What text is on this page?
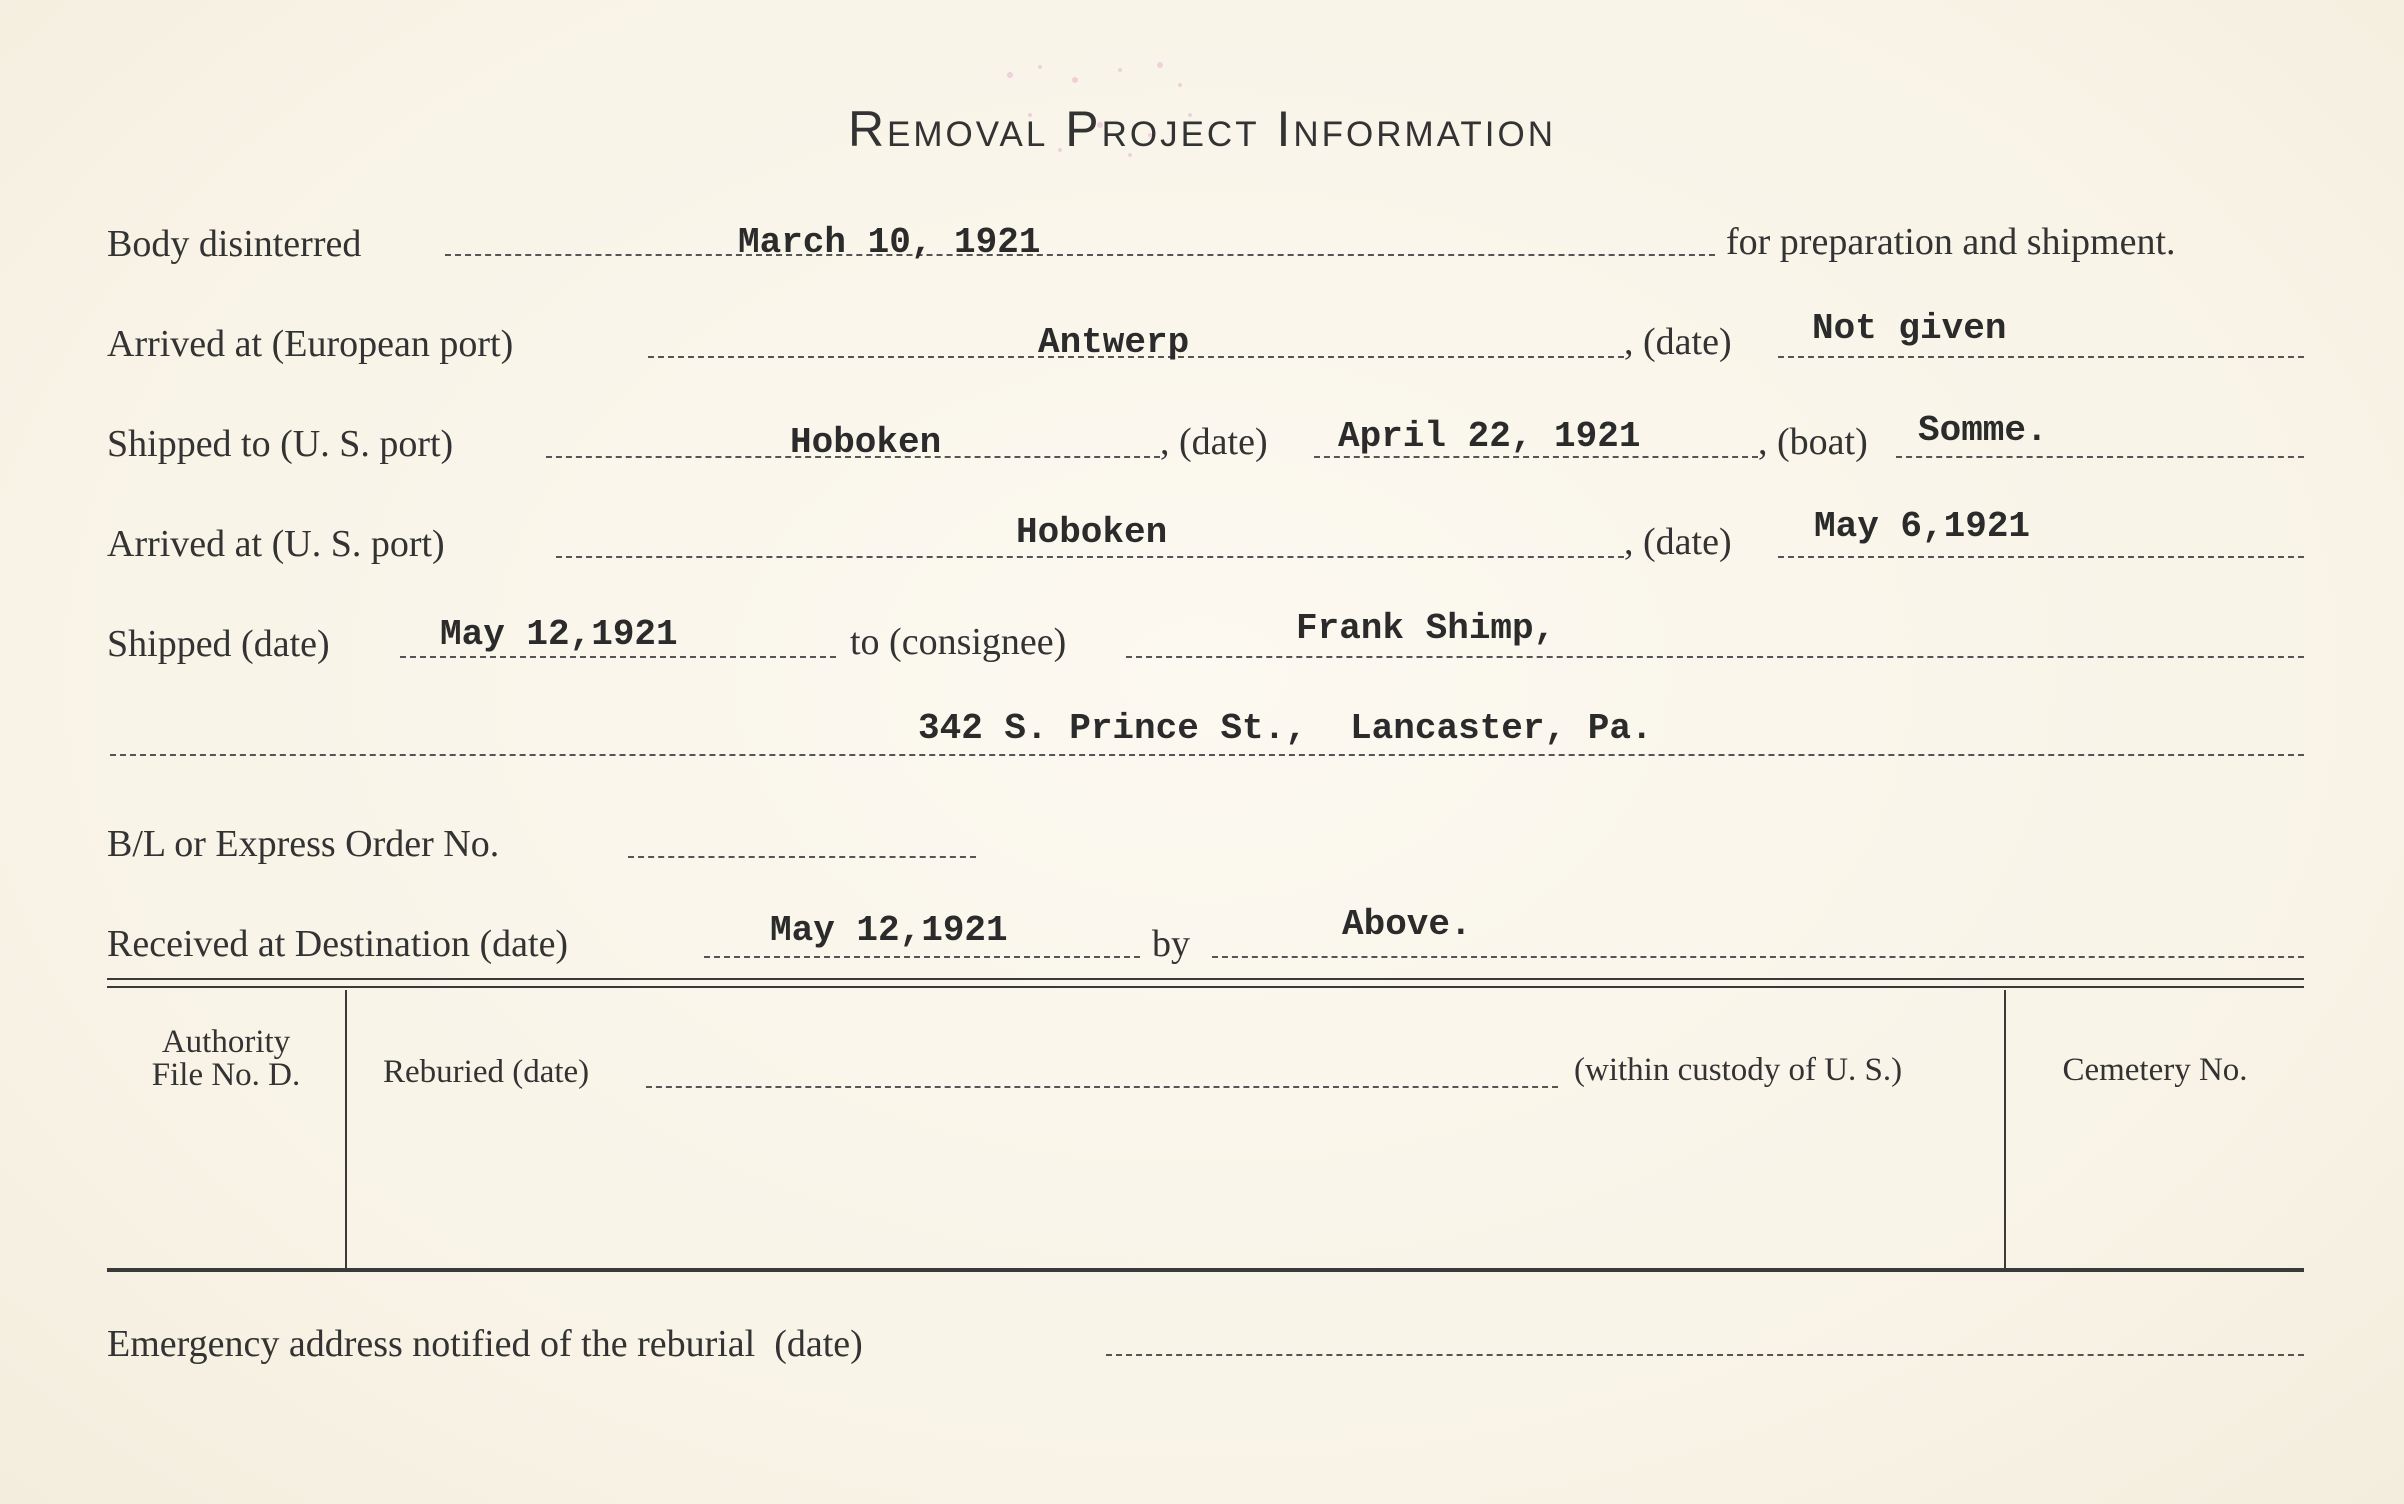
Removal Project Information
Body disinterred	March 10, 1921	for preparation and shipment.
Arrived at (European port)	Antwerp	, (date) Not given
Shipped to (U. S. port)	Hoboken	, (date) April 22, 1921	, (boat) Somme.
Arrived at (U. S. port)	Hoboken	, (date) May 6,1921
Shipped (date)	May 12,1921	to (consignee)	Frank Shimp,
342 S. Prince St.,  Lancaster, Pa.
B/L or Express Order No.
Received at Destination (date)	May 12,1921	by	Above.
Authority
File No. D.	Reburied (date)	(within custody of U. S.)	Cemetery No.
Emergency address notified of the reburial  (date)
